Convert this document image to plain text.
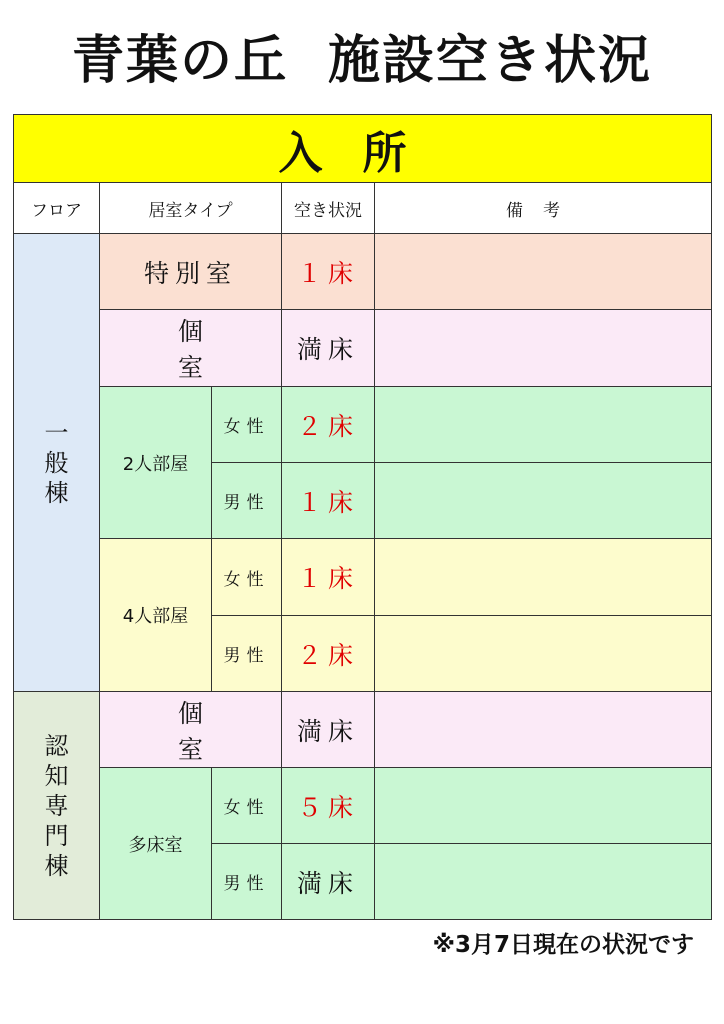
青葉の丘 施設空き状況
入所				
フロア	居室タイプ		空き状況	備考
一般棟	特別室		１床	
	個室		満床	
	2人部屋	女性	２床	
		男性	１床	
	4人部屋	女性	１床	
		男性	２床	
認知専門棟	個室		満床	
	多床室	女性	５床	
		男性	満床	
※3月7日現在の状況です
